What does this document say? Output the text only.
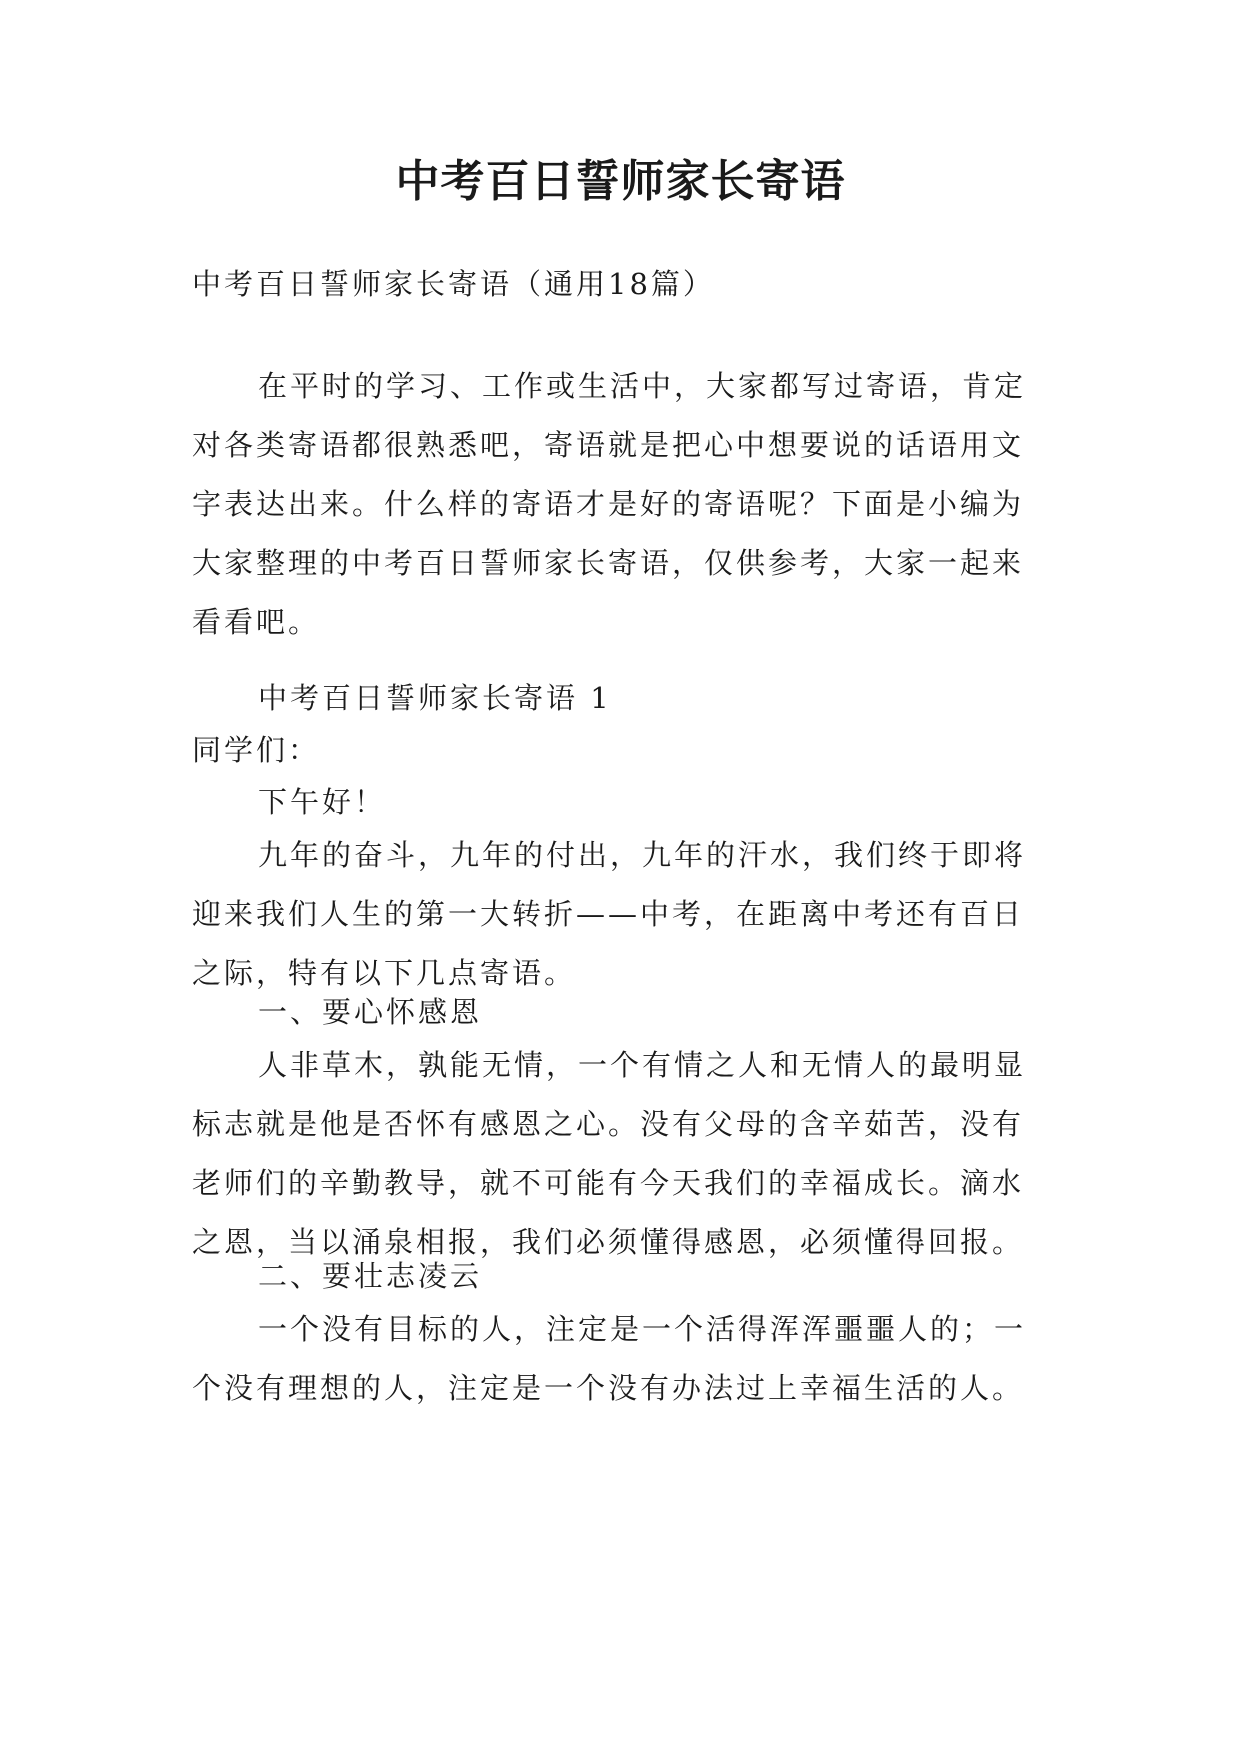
中考百日誓师家长寄语

中考百日誓师家长寄语（通用18篇）

在平时的学习、工作或生活中，大家都写过寄语，肯定
对各类寄语都很熟悉吧，寄语就是把心中想要说的话语用文
字表达出来。什么样的寄语才是好的寄语呢？下面是小编为
大家整理的中考百日誓师家长寄语，仅供参考，大家一起来
看看吧。

中考百日誓师家长寄语 1

同学们：

下午好！

九年的奋斗，九年的付出，九年的汗水，我们终于即将
迎来我们人生的第一大转折——中考，在距离中考还有百日
之际，特有以下几点寄语。

一、要心怀感恩

人非草木，孰能无情，一个有情之人和无情人的最明显
标志就是他是否怀有感恩之心。没有父母的含辛茹苦，没有
老师们的辛勤教导，就不可能有今天我们的幸福成长。滴水
之恩，当以涌泉相报，我们必须懂得感恩，必须懂得回报。

二、要壮志凌云

一个没有目标的人，注定是一个活得浑浑噩噩人的；一
个没有理想的人，注定是一个没有办法过上幸福生活的人。
